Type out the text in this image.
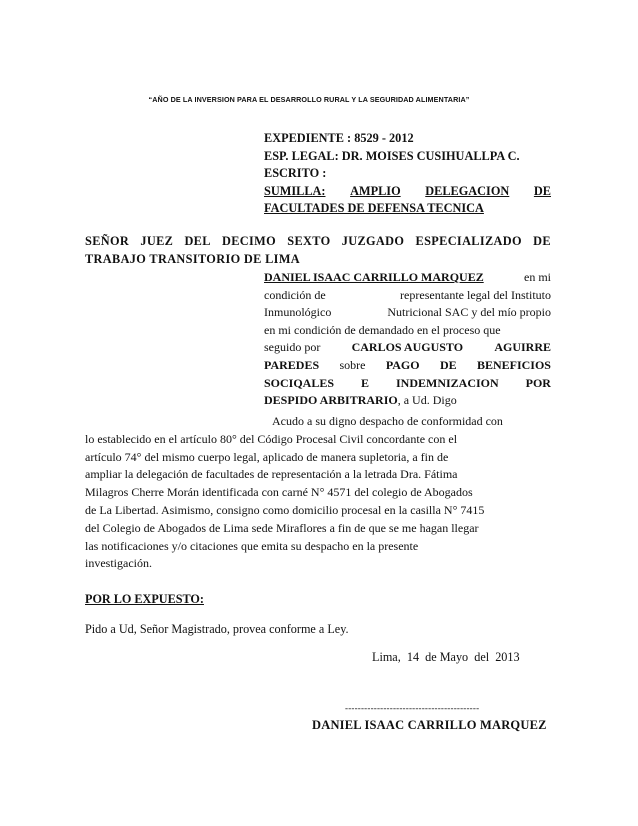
“AÑO DE LA INVERSION PARA EL DESARROLLO RURAL Y LA SEGURIDAD ALIMENTARIA”
EXPEDIENTE : 8529 - 2012
ESP. LEGAL: DR. MOISES CUSIHUALLPA C.
ESCRITO :
SUMILLA: AMPLIO DELEGACION DE
FACULTADES DE DEFENSA TECNICA
SEÑOR JUEZ DEL DECIMO SEXTO JUZGADO ESPECIALIZADO DE
TRABAJO TRANSITORIO DE LIMA
DANIEL ISAAC CARRILLO MARQUEZ	en mi
condición de	representante legal del Instituto
Inmunológico	Nutricional SAC y del mío propio
en mi condición de demandado en el proceso que
seguido por	CARLOS AUGUSTO	AGUIRRE
PAREDES sobre PAGO DE BENEFICIOS
SOCIQALES E INDEMNIZACION POR
DESPIDO ARBITRARIO, a Ud. Digo
Acudo a su digno despacho de conformidad con
lo establecido en el artículo 80° del Código Procesal Civil concordante con el
artículo 74° del mismo cuerpo legal, aplicado de manera supletoria, a fin de
ampliar la delegación de facultades de representación a la letrada Dra. Fátima
Milagros Cherre Morán identificada con carné N° 4571 del colegio de Abogados
de La Libertad. Asimismo, consigno como domicilio procesal en la casilla N° 7415
del Colegio de Abogados de Lima sede Miraflores a fin de que se me hagan llegar
las notificaciones y/o citaciones que emita su despacho en la presente
investigación.
POR LO EXPUESTO:
Pido a Ud, Señor Magistrado, provea conforme a Ley.
Lima,  14  de Mayo  del  2013
------------------------------------------
DANIEL ISAAC CARRILLO MARQUEZ
